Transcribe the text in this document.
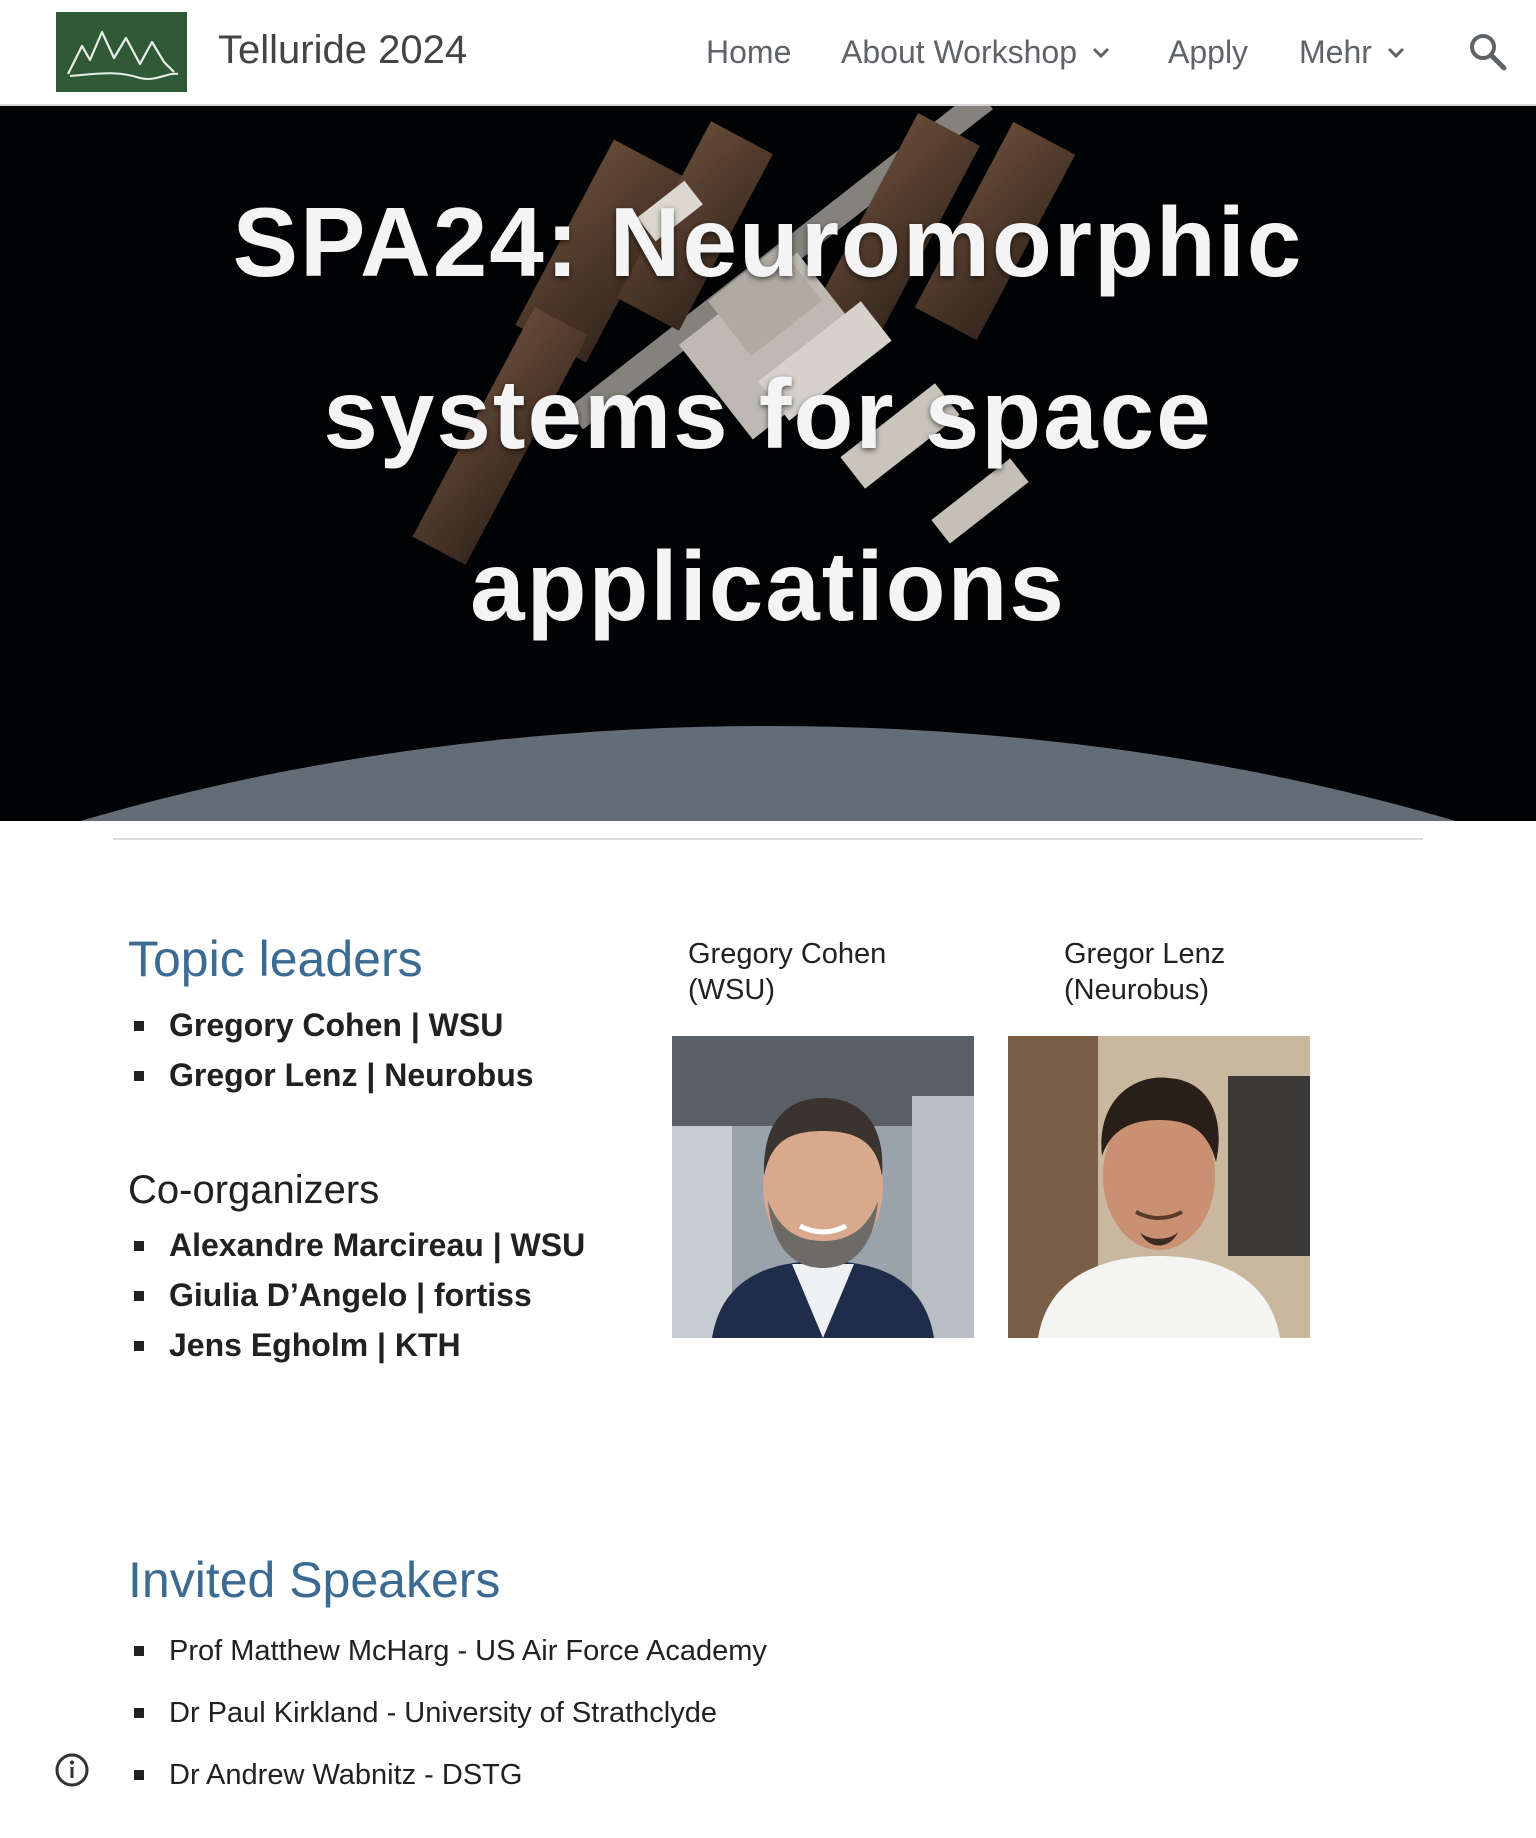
Telluride 2024	Home About Workshop	Apply Mehr
SPA24: Neuromorphic systems for space applications
Topic leaders
Gregory Cohen | WSU
Gregor Lenz | Neurobus
Co-organizers
Alexandre Marcireau | WSU
Giulia D’Angelo | fortiss
Jens Egholm | KTH
Gregory Cohen
(WSU)
Gregor Lenz
(Neurobus)
Invited Speakers
Prof Matthew McHarg - US Air Force Academy
Dr Paul Kirkland - University of Strathclyde
Dr Andrew Wabnitz - DSTG
